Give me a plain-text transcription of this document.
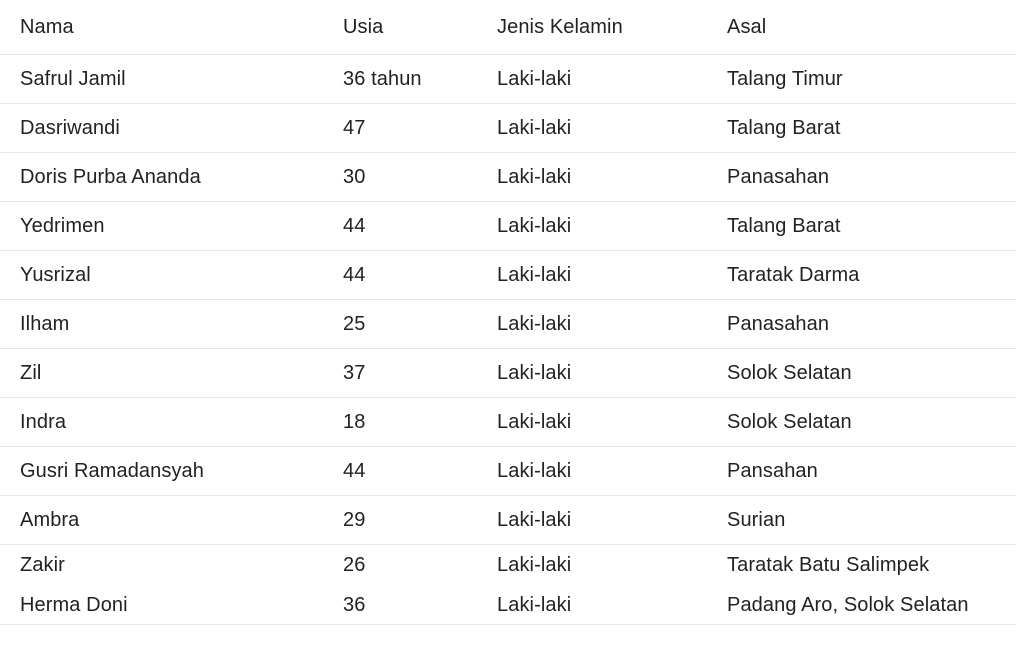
Nama	Usia	Jenis Kelamin	Asal
Safrul Jamil	36 tahun	Laki-laki	Talang Timur
Dasriwandi	47	Laki-laki	Talang Barat
Doris Purba Ananda	30	Laki-laki	Panasahan
Yedrimen	44	Laki-laki	Talang Barat
Yusrizal	44	Laki-laki	Taratak Darma
Ilham	25	Laki-laki	Panasahan
Zil	37	Laki-laki	Solok Selatan
Indra	18	Laki-laki	Solok Selatan
Gusri Ramadansyah	44	Laki-laki	Pansahan
Ambra	29	Laki-laki	Surian
Zakir	26	Laki-laki	Taratak Batu Salimpek
Herma Doni	36	Laki-laki	Padang Aro, Solok Selatan
